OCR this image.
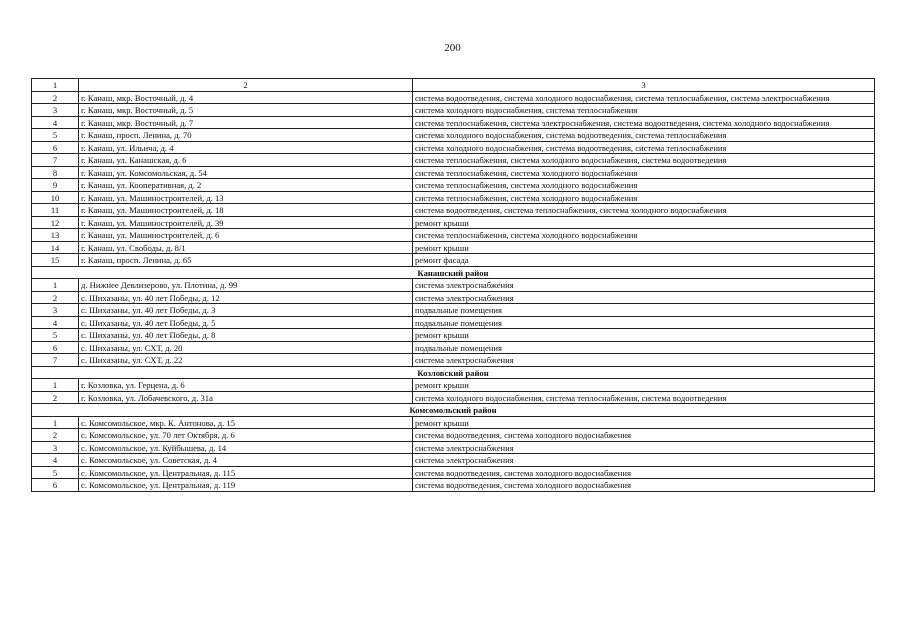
200
1	2	3
2	г. Канаш, мкр. Восточный, д. 4	система водоотведения, система холодного водоснабжения, система теплоснабжения, система электроснабжения
3	г. Канаш, мкр. Восточный, д. 5	система холодного водоснабжения, система теплоснабжения
4	г. Канаш, мкр. Восточный, д. 7	система теплоснабжения, система электроснабжения, система водоотведения, система холодного водоснабжения
5	г. Канаш, просп. Ленина, д. 70	система холодного водоснабжения, система водоотведения, система теплоснабжения
6	г. Канаш, ул. Ильича, д. 4	система холодного водоснабжения, система водоотведения, система теплоснабжения
7	г. Канаш, ул. Канашская, д. 6	система теплоснабжения, система холодного водоснабжения, система водоотведения
8	г. Канаш, ул. Комсомольская, д. 54	система теплоснабжения, система холодного водоснабжения
9	г. Канаш, ул. Кооперативная, д. 2	система теплоснабжения, система холодного водоснабжения
10	г. Канаш, ул. Машиностроителей, д. 13	система теплоснабжения, система холодного водоснабжения
11	г. Канаш, ул. Машиностроителей, д. 18	система водоотведения, система теплоснабжения, система холодного водоснабжения
12	г. Канаш, ул. Машиностроителей, д. 39	ремонт крыши
13	г. Канаш, ул. Машиностроителей, д. 6	система теплоснабжения, система холодного водоснабжения
14	г. Канаш, ул. Свободы, д. 8/1	ремонт крыши
15	г. Канаш, просп. Ленина, д. 65	ремонт фасада
Канашский район		
1	д. Нижнее Девлизерово, ул. Плотина, д. 99	система электроснабжения
2	с. Шихазаны, ул. 40 лет Победы, д. 12	система электроснабжения
3	с. Шихазаны, ул. 40 лет Победы, д. 3	подвальные помещения
4	с. Шихазаны, ул. 40 лет Победы, д. 5	подвальные помещения
5	с. Шихазаны, ул. 40 лет Победы, д. 8	ремонт крыши
6	с. Шихазаны, ул. СХТ, д. 20	подвальные помещения
7	с. Шихазаны, ул. СХТ, д. 22	система электроснабжения
Козловский район		
1	г. Козловка, ул. Герцена, д. 6	ремонт крыши
2	г. Козловка, ул. Лобачевского, д. 31а	система холодного водоснабжения, система теплоснабжения, система водоотведения
Комсомольский район		
1	с. Комсомольское, мкр. К. Антонова, д. 15	ремонт крыши
2	с. Комсомольское, ул. 70 лет Октября, д. 6	система водоотведения, система холодного водоснабжения
3	с. Комсомольское, ул. Куйбышева, д. 14	система электроснабжения
4	с. Комсомольское, ул. Советская, д. 4	система электроснабжения
5	с. Комсомольское, ул. Центральная, д. 115	система водоотведения, система холодного водоснабжения
6	с. Комсомольское, ул. Центральная, д. 119	система водоотведения, система холодного водоснабжения
